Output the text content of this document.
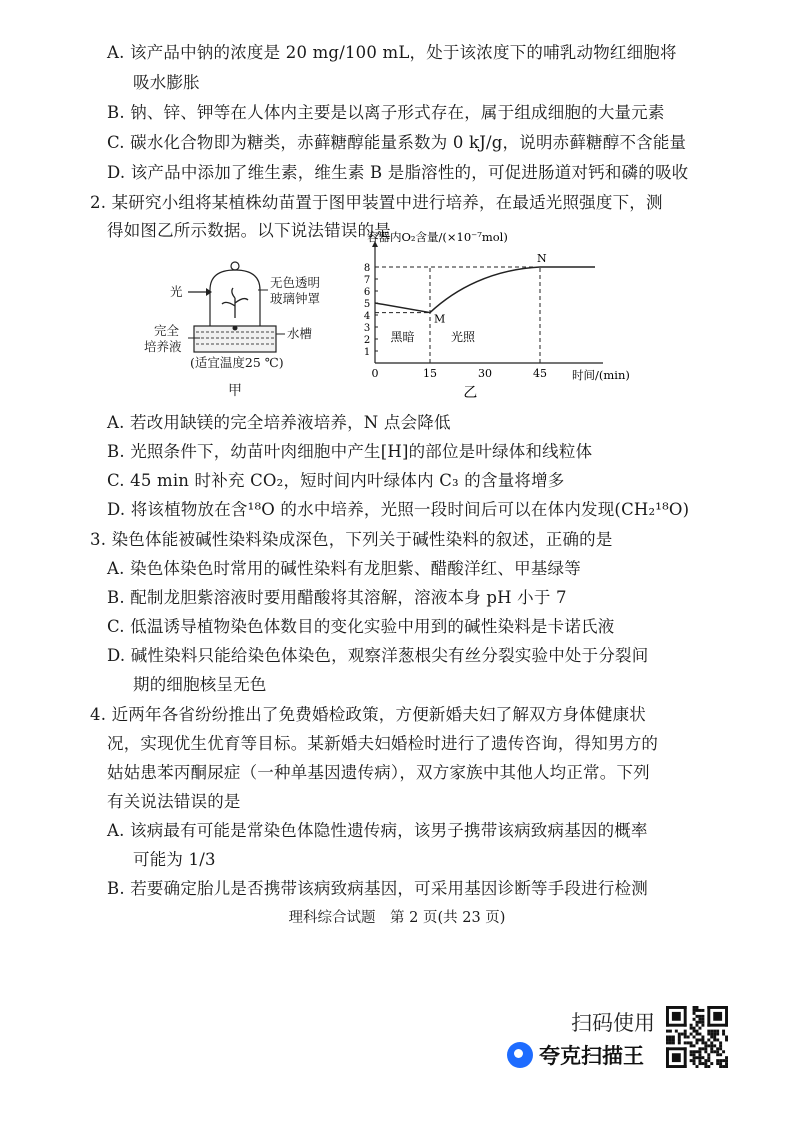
A. 该产品中钠的浓度是 20 mg/100 mL，处于该浓度下的哺乳动物红细胞将
吸水膨胀
B. 钠、锌、钾等在人体内主要是以离子形式存在，属于组成细胞的大量元素
C. 碳水化合物即为糖类，赤藓糖醇能量系数为 0 kJ/g，说明赤藓糖醇不含能量
D. 该产品中添加了维生素，维生素 B 是脂溶性的，可促进肠道对钙和磷的吸收
2. 某研究小组将某植株幼苗置于图甲装置中进行培养，在最适光照强度下，测
得如图乙所示数据。以下说法错误的是
A. 若改用缺镁的完全培养液培养，N 点会降低
B. 光照条件下，幼苗叶肉细胞中产生[H]的部位是叶绿体和线粒体
C. 45 min 时补充 CO₂，短时间内叶绿体内 C₃ 的含量将增多
D. 将该植物放在含¹⁸O 的水中培养，光照一段时间后可以在体内发现(CH₂¹⁸O)
3. 染色体能被碱性染料染成深色，下列关于碱性染料的叙述，正确的是
A. 染色体染色时常用的碱性染料有龙胆紫、醋酸洋红、甲基绿等
B. 配制龙胆紫溶液时要用醋酸将其溶解，溶液本身 pH 小于 7
C. 低温诱导植物染色体数目的变化实验中用到的碱性染料是卡诺氏液
D. 碱性染料只能给染色体染色，观察洋葱根尖有丝分裂实验中处于分裂间
期的细胞核呈无色
4. 近两年各省纷纷推出了免费婚检政策，方便新婚夫妇了解双方身体健康状
况，实现优生优育等目标。某新婚夫妇婚检时进行了遗传咨询，得知男方的
姑姑患苯丙酮尿症（一种单基因遗传病），双方家族中其他人均正常。下列
有关说法错误的是
A. 该病最有可能是常染色体隐性遗传病，该男子携带该病致病基因的概率
可能为 1/3
B. 若要确定胎儿是否携带该病致病基因，可采用基因诊断等手段进行检测
光
无色透明
玻璃钟罩
完全
培养液
水槽
(适宜温度25 ℃)
甲
1
2
3
4
5
6
7
8
0	15	30	45
M
N
黑暗	光照
容器内O₂含量/(×10⁻⁷mol)
时间/(min)
乙
理科综合试题　第 2 页(共 23 页)
扫码使用
夸克扫描王
